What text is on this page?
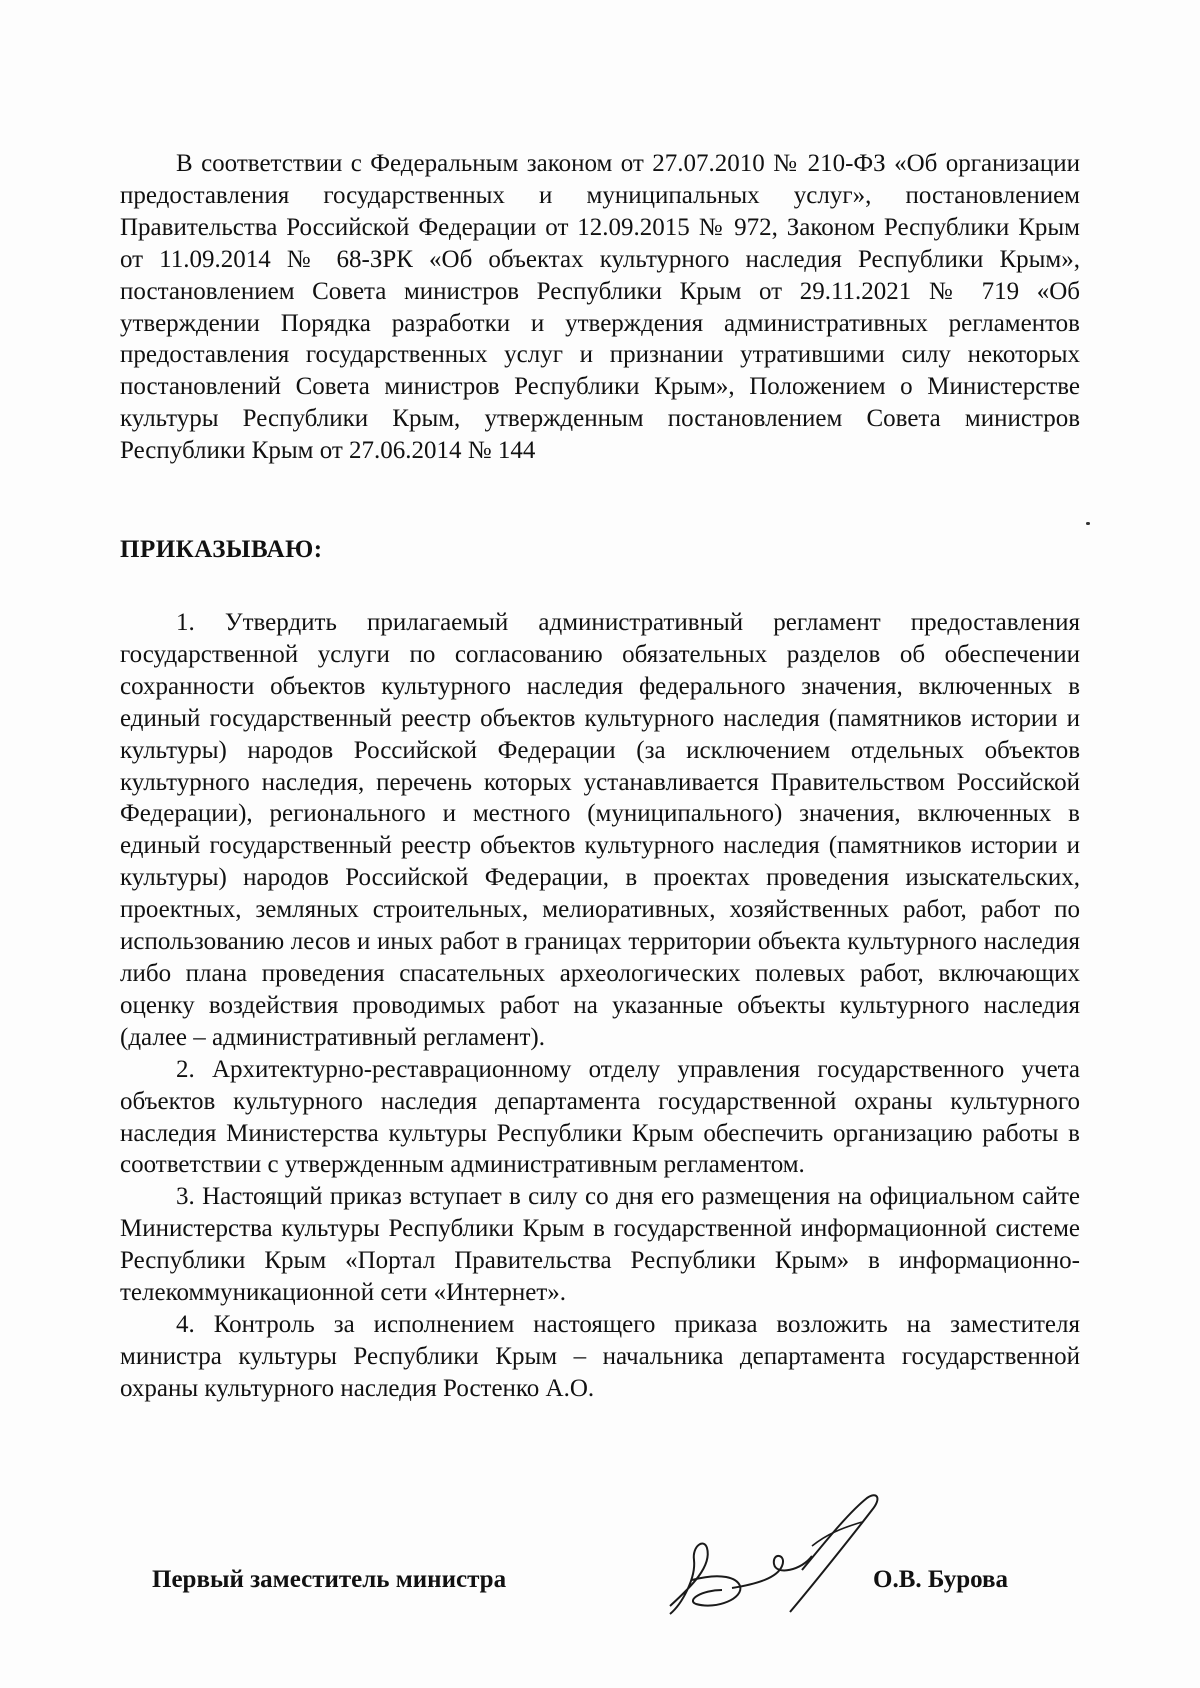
В соответствии с Федеральным законом от 27.07.2010 № 210-ФЗ «Об организации предоставления государственных и муниципальных услуг», постановлением Правительства Российской Федерации от 12.09.2015 № 972, Законом Республики Крым от 11.09.2014 № 68-ЗРК «Об объектах культурного наследия Республики Крым», постановлением Совета министров Республики Крым от 29.11.2021 № 719 «Об утверждении Порядка разработки и утверждения административных регламентов предоставления государственных услуг и признании утратившими силу некоторых постановлений Совета министров Республики Крым», Положением о Министерстве культуры Республики Крым, утвержденным постановлением Совета министров Республики Крым от 27.06.2014 № 144

ПРИКАЗЫВАЮ:

1. Утвердить прилагаемый административный регламент предоставления государственной услуги по согласованию обязательных разделов об обеспечении сохранности объектов культурного наследия федерального значения, включенных в единый государственный реестр объектов культурного наследия (памятников истории и культуры) народов Российской Федерации (за исключением отдельных объектов культурного наследия, перечень которых устанавливается Правительством Российской Федерации), регионального и местного (муниципального) значения, включенных в единый государственный реестр объектов культурного наследия (памятников истории и культуры) народов Российской Федерации, в проектах проведения изыскательских, проектных, земляных строительных, мелиоративных, хозяйственных работ, работ по использованию лесов и иных работ в границах территории объекта культурного наследия либо плана проведения спасательных археологических полевых работ, включающих оценку воздействия проводимых работ на указанные объекты культурного наследия (далее – административный регламент).

2. Архитектурно-реставрационному отделу управления государственного учета объектов культурного наследия департамента государственной охраны культурного наследия Министерства культуры Республики Крым обеспечить организацию работы в соответствии с утвержденным административным регламентом.

3. Настоящий приказ вступает в силу со дня его размещения на официальном сайте Министерства культуры Республики Крым в государственной информационной системе Республики Крым «Портал Правительства Республики Крым» в информационно-телекоммуникационной сети «Интернет».

4. Контроль за исполнением настоящего приказа возложить на заместителя министра культуры Республики Крым – начальника департамента государственной охраны культурного наследия Ростенко А.О.

Первый заместитель министра	О.В. Бурова
